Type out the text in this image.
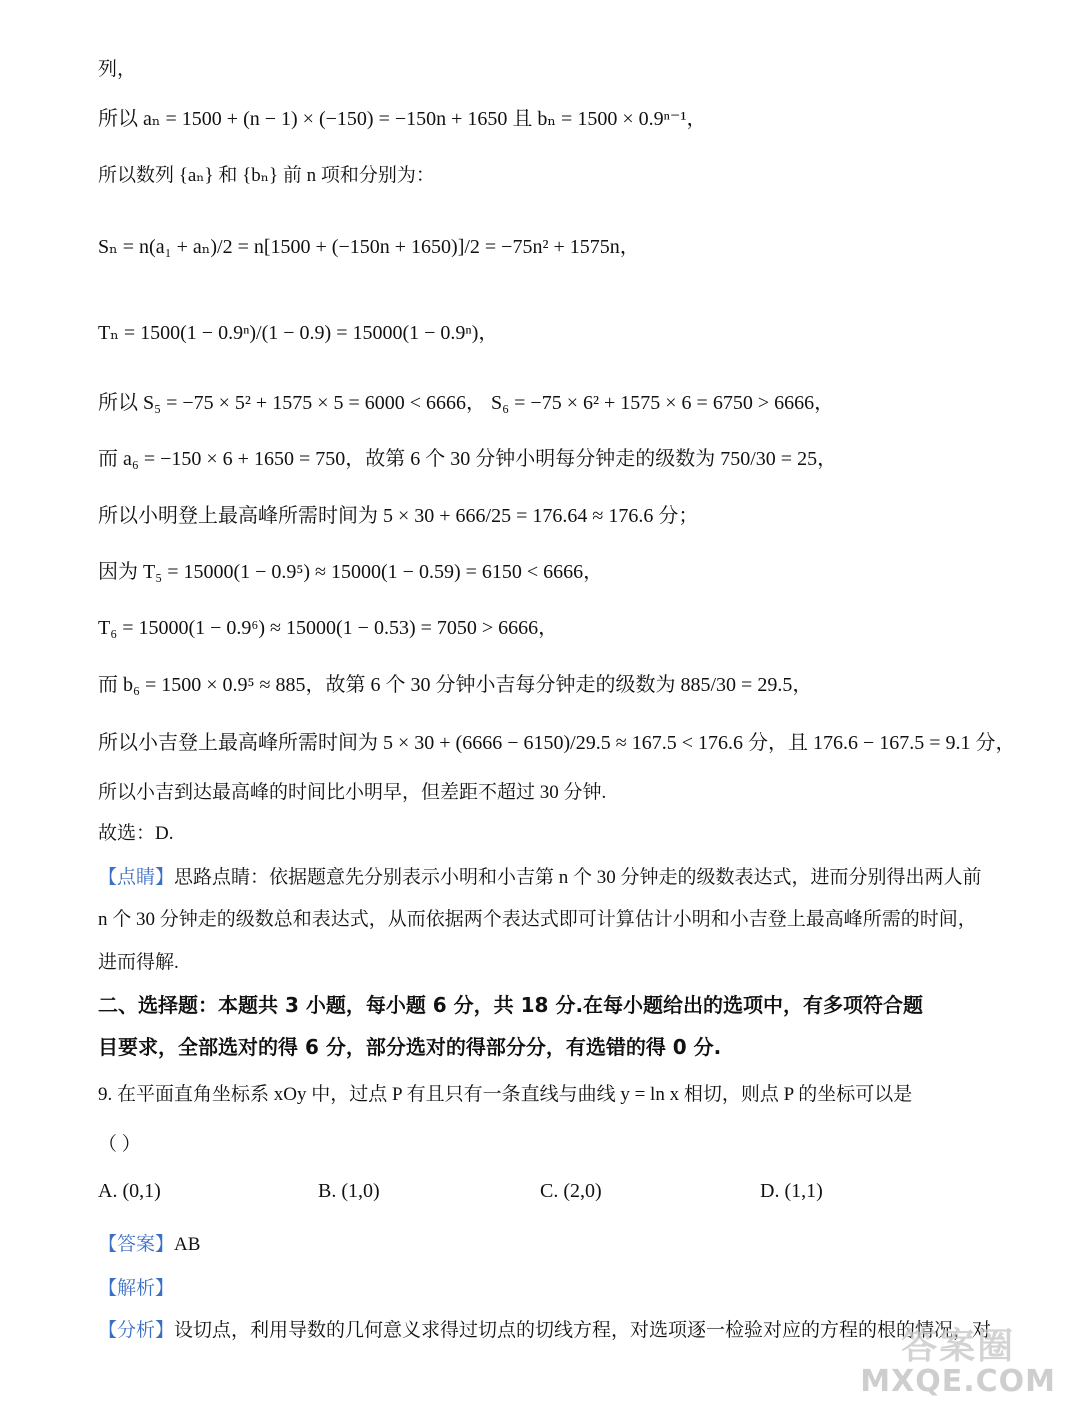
列，
所以 aₙ = 1500 + (n − 1) × (−150) = −150n + 1650 且 bₙ = 1500 × 0.9ⁿ⁻¹，
所以数列 {aₙ} 和 {bₙ} 前 n 项和分别为：
Sₙ = n(a₁ + aₙ)/2 = n[1500 + (−150n + 1650)]/2 = −75n² + 1575n，
Tₙ = 1500(1 − 0.9ⁿ)/(1 − 0.9) = 15000(1 − 0.9ⁿ)，
所以 S₅ = −75 × 5² + 1575 × 5 = 6000 < 6666， S₆ = −75 × 6² + 1575 × 6 = 6750 > 6666，
而 a₆ = −150 × 6 + 1650 = 750，故第 6 个 30 分钟小明每分钟走的级数为 750/30 = 25，
所以小明登上最高峰所需时间为 5 × 30 + 666/25 = 176.64 ≈ 176.6 分；
因为 T₅ = 15000(1 − 0.9⁵) ≈ 15000(1 − 0.59) = 6150 < 6666，
T₆ = 15000(1 − 0.9⁶) ≈ 15000(1 − 0.53) = 7050 > 6666，
而 b₆ = 1500 × 0.9⁵ ≈ 885，故第 6 个 30 分钟小吉每分钟走的级数为 885/30 = 29.5，
所以小吉登上最高峰所需时间为 5 × 30 + (6666 − 6150)/29.5 ≈ 167.5 < 176.6 分，且 176.6 − 167.5 = 9.1 分，
所以小吉到达最高峰的时间比小明早，但差距不超过 30 分钟.
故选：D.
【点睛】思路点睛：依据题意先分别表示小明和小吉第 n 个 30 分钟走的级数表达式，进而分别得出两人前
n 个 30 分钟走的级数总和表达式，从而依据两个表达式即可计算估计小明和小吉登上最高峰所需的时间，
进而得解.
二、选择题：本题共 3 小题，每小题 6 分，共 18 分.在每小题给出的选项中，有多项符合题
目要求，全部选对的得 6 分，部分选对的得部分分，有选错的得 0 分.
9. 在平面直角坐标系 xOy 中，过点 P 有且只有一条直线与曲线 y = ln x 相切，则点 P 的坐标可以是
（ ）
A. (0,1)	B. (1,0)	C. (2,0)	D. (1,1)
【答案】AB
【解析】
【分析】设切点，利用导数的几何意义求得过切点的切线方程，对选项逐一检验对应的方程的根的情况，对
答案圈
MXQE.COM
